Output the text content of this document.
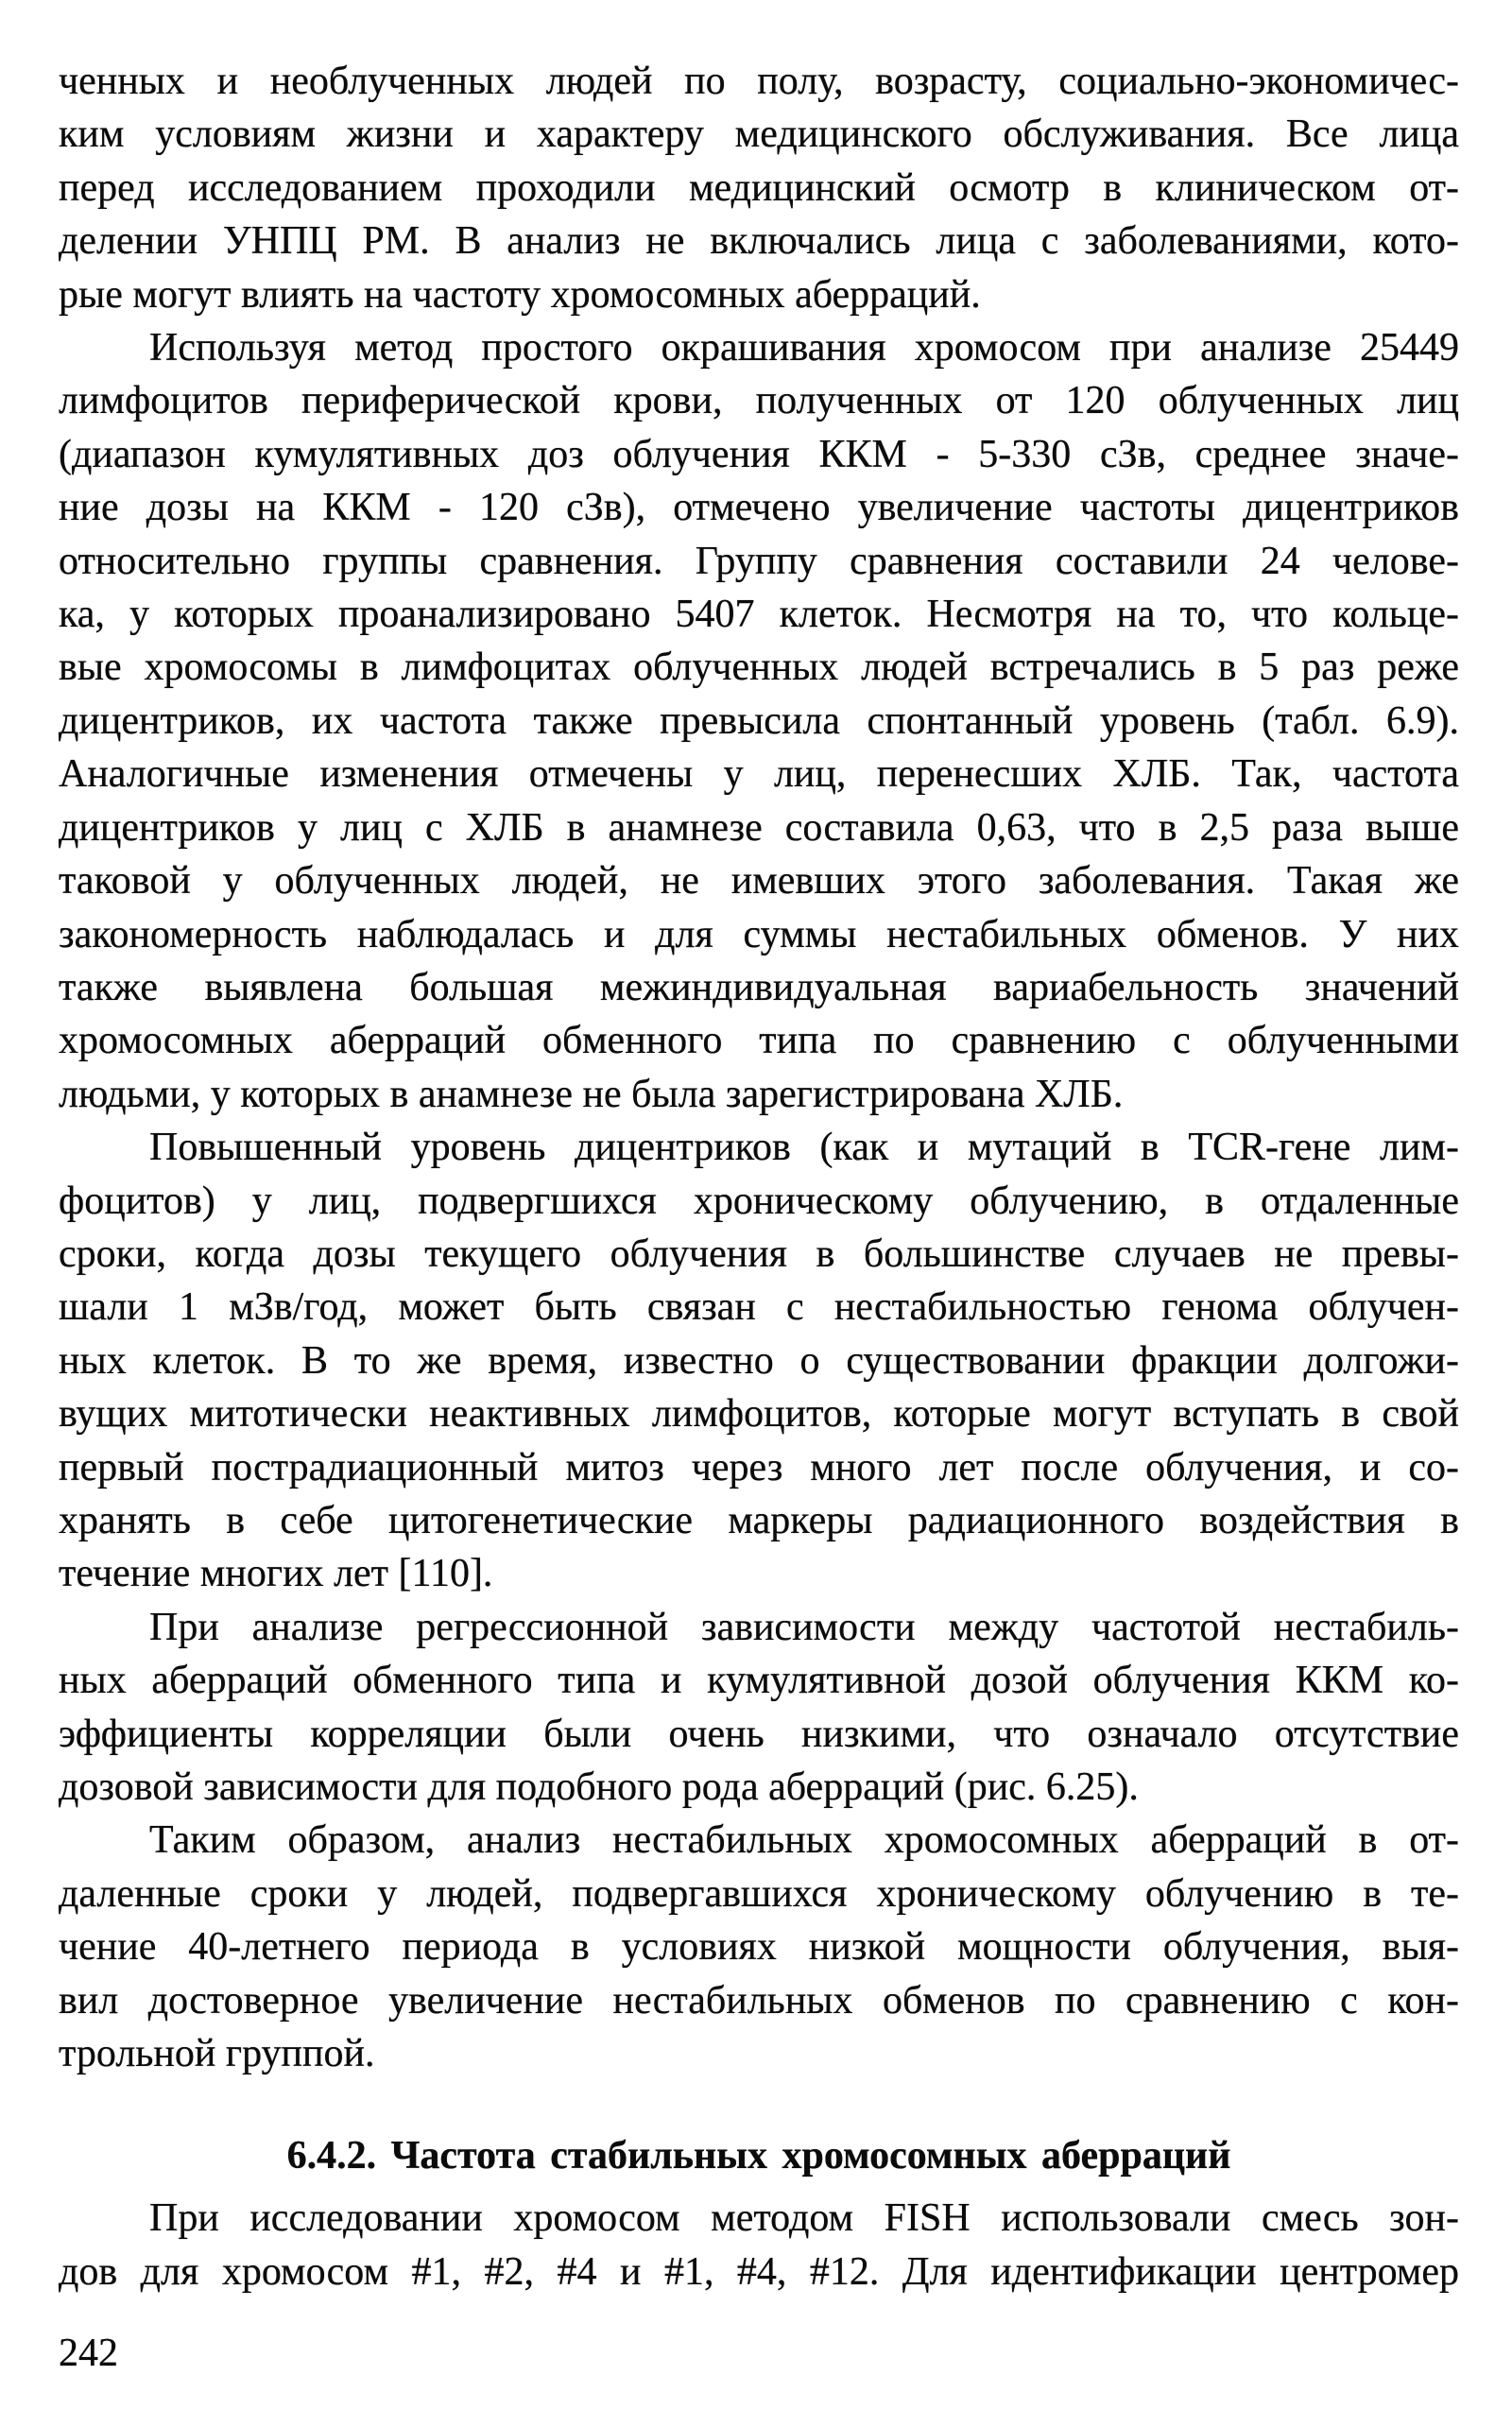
ченных и необлученных людей по полу, возрасту, социально-экономичес-
ким условиям жизни и характеру медицинского обслуживания. Все лица
перед исследованием проходили медицинский осмотр в клиническом от-
делении УНПЦ РМ. В анализ не включались лица с заболеваниями, кото-
рые могут влиять на частоту хромосомных аберраций.
Используя метод простого окрашивания хромосом при анализе 25449
лимфоцитов периферической крови, полученных от 120 облученных лиц
(диапазон кумулятивных доз облучения ККМ - 5-330 сЗв, среднее значе-
ние дозы на ККМ - 120 сЗв), отмечено увеличение частоты дицентриков
относительно группы сравнения. Группу сравнения составили 24 челове-
ка, у которых проанализировано 5407 клеток. Несмотря на то, что кольце-
вые хромосомы в лимфоцитах облученных людей встречались в 5 раз реже
дицентриков, их частота также превысила спонтанный уровень (табл. 6.9).
Аналогичные изменения отмечены у лиц, перенесших ХЛБ. Так, частота
дицентриков у лиц с ХЛБ в анамнезе составила 0,63, что в 2,5 раза выше
таковой у облученных людей, не имевших этого заболевания. Такая же
закономерность наблюдалась и для суммы нестабильных обменов. У них
также выявлена большая межиндивидуальная вариабельность значений
хромосомных аберраций обменного типа по сравнению с облученными
людьми, у которых в анамнезе не была зарегистрирована ХЛБ.
Повышенный уровень дицентриков (как и мутаций в TCR-гене лим-
фоцитов) у лиц, подвергшихся хроническому облучению, в отдаленные
сроки, когда дозы текущего облучения в большинстве случаев не превы-
шали 1 мЗв/год, может быть связан с нестабильностью генома облучен-
ных клеток. В то же время, известно о существовании фракции долгожи-
вущих митотически неактивных лимфоцитов, которые могут вступать в свой
первый пострадиационный митоз через много лет после облучения, и со-
хранять в себе цитогенетические маркеры радиационного воздействия в
течение многих лет [110].
При анализе регрессионной зависимости между частотой нестабиль-
ных аберраций обменного типа и кумулятивной дозой облучения ККМ ко-
эффициенты корреляции были очень низкими, что означало отсутствие
дозовой зависимости для подобного рода аберраций (рис. 6.25).
Таким образом, анализ нестабильных хромосомных аберраций в от-
даленные сроки у людей, подвергавшихся хроническому облучению в те-
чение 40-летнего периода в условиях низкой мощности облучения, выя-
вил достоверное увеличение нестабильных обменов по сравнению с кон-
трольной группой.
6.4.2. Частота стабильных хромосомных аберраций
При исследовании хромосом методом FISH использовали смесь зон-
дов для хромосом #1, #2, #4 и #1, #4, #12. Для идентификации центромер
242
